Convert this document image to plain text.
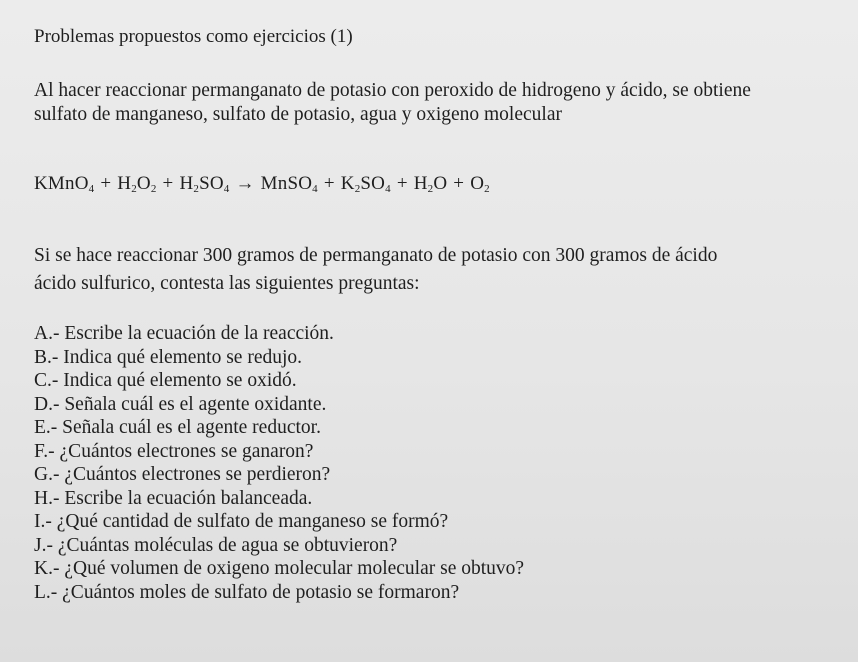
Problemas propuestos como ejercicios (1)
Al hacer reaccionar permanganato de potasio con peroxido de hidrogeno y ácido, se obtiene
sulfato de manganeso, sulfato de potasio, agua y oxigeno molecular
KMnO$_4$ + $H_2O_2 + H_2SO_4$ → MnSO$_4$ + $K_2SO_4 + H_2O + O_2$
Si se hace reaccionar 300 gramos de permanganato de potasio con 300 gramos de ácido
ácido sulfurico, contesta las siguientes preguntas:
A.- Escribe la ecuación de la reacción.
B.- Indica qué elemento se redujo.
C.- Indica qué elemento se oxidó.
D.- Señala cuál es el agente oxidante.
E.- Señala cuál es el agente reductor.
F.- ¿Cuántos electrones se ganaron?
G.- ¿Cuántos electrones se perdieron?
H.- Escribe la ecuación balanceada.
I.- ¿Qué cantidad de sulfato de manganeso se formó?
J.- ¿Cuántas moléculas de agua se obtuvieron?
K.- ¿Qué volumen de oxigeno molecular molecular se obtuvo?
L.- ¿Cuántos moles de sulfato de potasio se formaron?
